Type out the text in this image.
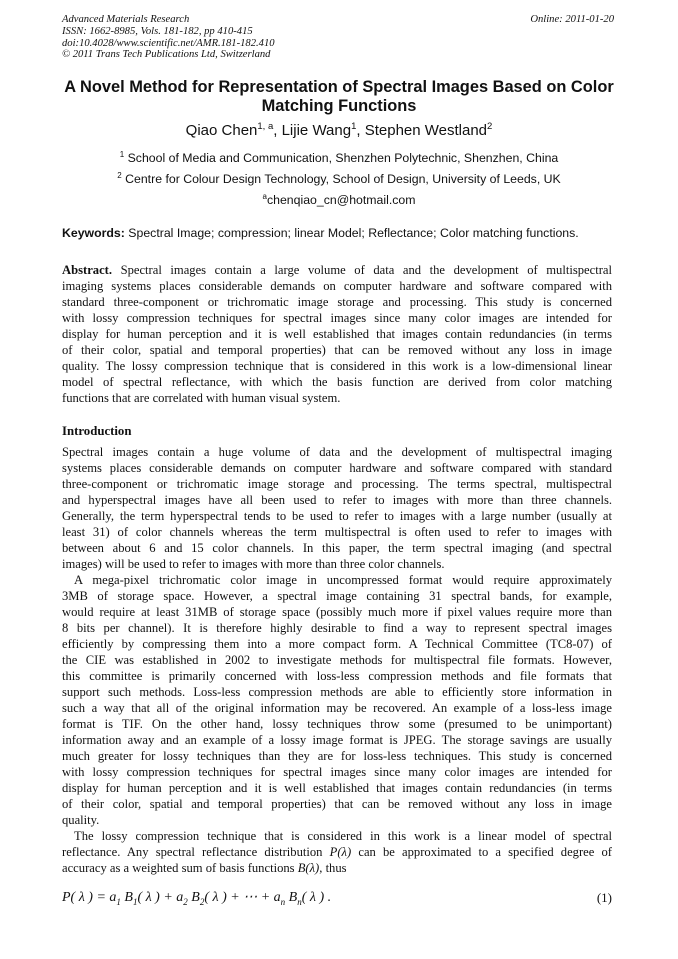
Advanced Materials Research
ISSN: 1662-8985, Vols. 181-182, pp 410-415
doi:10.4028/www.scientific.net/AMR.181-182.410
© 2011 Trans Tech Publications Ltd, Switzerland
Online: 2011-01-20
A Novel Method for Representation of Spectral Images Based on Color
Matching Functions
Qiao Chen$^{1, a}$, Lijie Wang$^1$, Stephen Westland$^2$
$^1$ School of Media and Communication, Shenzhen Polytechnic, Shenzhen, China
$^2$ Centre for Colour Design Technology, School of Design, University of Leeds, UK
$^a$chenqiao_cn@hotmail.com
Keywords: Spectral Image; compression; linear Model; Reflectance; Color matching functions.
Abstract. Spectral images contain a large volume of data and the development of multispectral
imaging systems places considerable demands on computer hardware and software compared with
standard three-component or trichromatic image storage and processing. This study is concerned
with lossy compression techniques for spectral images since many color images are intended for
display for human perception and it is well established that images contain redundancies (in terms
of their color, spatial and temporal properties) that can be removed without any loss in image
quality. The lossy compression technique that is considered in this work is a low-dimensional linear
model of spectral reflectance, with which the basis function are derived from color matching
functions that are correlated with human visual system.
Introduction
Spectral images contain a huge volume of data and the development of multispectral imaging
systems places considerable demands on computer hardware and software compared with standard
three-component or trichromatic image storage and processing. The terms spectral, multispectral
and hyperspectral images have all been used to refer to images with more than three channels.
Generally, the term hyperspectral tends to be used to refer to images with a large number (usually at
least 31) of color channels whereas the term multispectral is often used to refer to images with
between about 6 and 15 color channels. In this paper, the term spectral imaging (and spectral
images) will be used to refer to images with more than three color channels.
A mega-pixel trichromatic color image in uncompressed format would require approximately
3MB of storage space. However, a spectral image containing 31 spectral bands, for example,
would require at least 31MB of storage space (possibly much more if pixel values require more than
8 bits per channel). It is therefore highly desirable to find a way to represent spectral images
efficiently by compressing them into a more compact form. A Technical Committee (TC8-07) of
the CIE was established in 2002 to investigate methods for multispectral file formats. However,
this committee is primarily concerned with loss-less compression methods and file formats that
support such methods. Loss-less compression methods are able to efficiently store information in
such a way that all of the original information may be recovered. An example of a loss-less image
format is TIF. On the other hand, lossy techniques throw some (presumed to be unimportant)
information away and an example of a lossy image format is JPEG. The storage savings are usually
much greater for lossy techniques than they are for loss-less techniques. This study is concerned
with lossy compression techniques for spectral images since many color images are intended for
display for human perception and it is well established that images contain redundancies (in terms
of their color, spatial and temporal properties) that can be removed without any loss in image
quality.
The lossy compression technique that is considered in this work is a linear model of spectral
reflectance. Any spectral reflectance distribution P(λ) can be approximated to a specified degree of
accuracy as a weighted sum of basis functions B(λ), thus
P( λ ) = $a_1$ $B_1$( λ ) + $a_2$ $B_2$( λ ) + ⋯ + $a_n$ $B_n$( λ ) .	(1)
